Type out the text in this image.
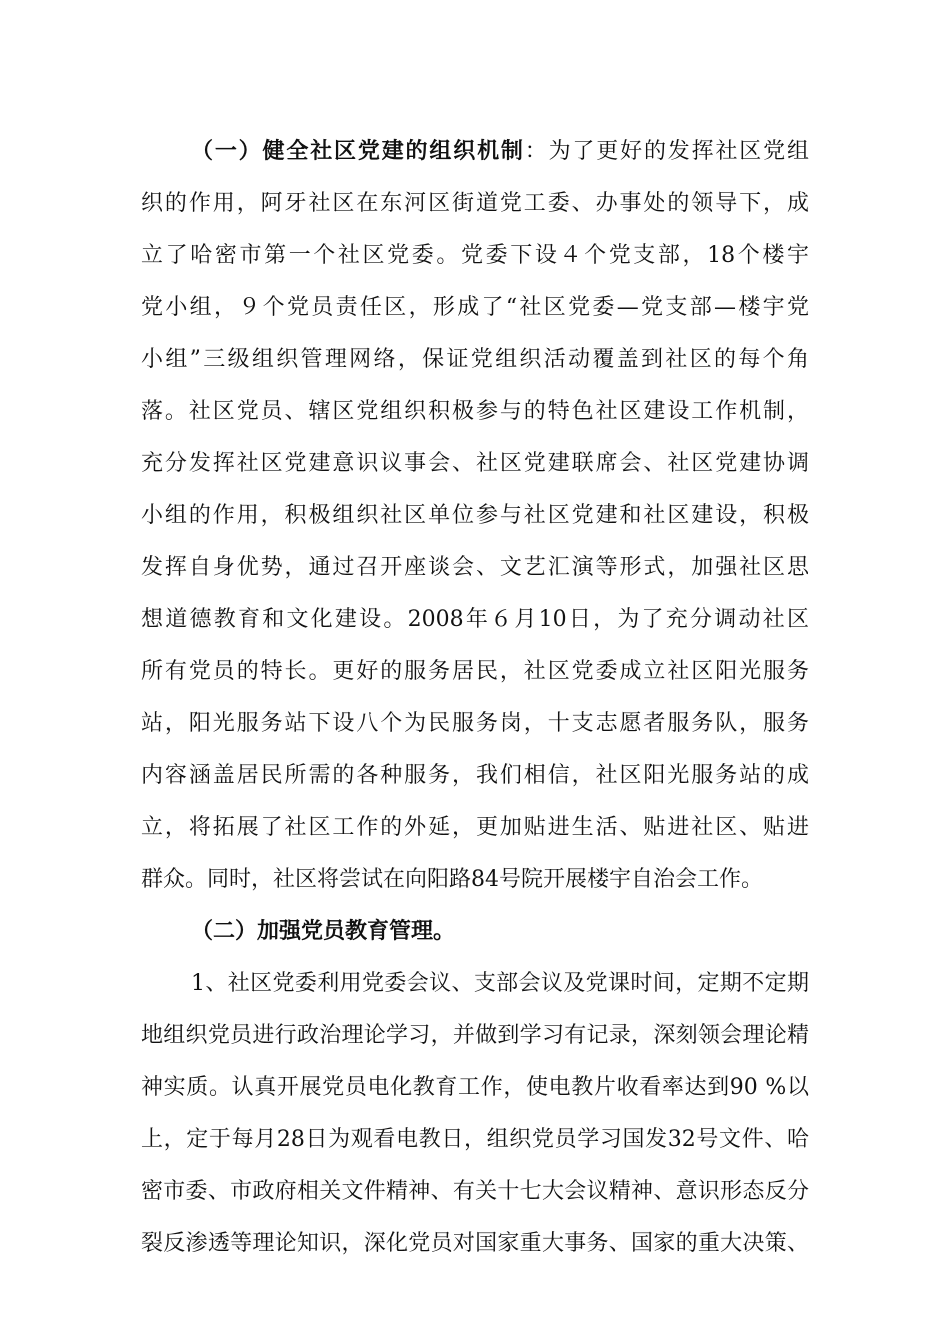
（一）健全社区党建的组织机制：为了更好的发挥社区党组
织的作用，阿牙社区在东河区街道党工委、办事处的领导下，成
立了哈密市第一个社区党委。党委下设４个党支部，18个楼宇
党小组，９个党员责任区，形成了“社区党委—党支部—楼宇党
小组”三级组织管理网络，保证党组织活动覆盖到社区的每个角
落。社区党员、辖区党组织积极参与的特色社区建设工作机制，
充分发挥社区党建意识议事会、社区党建联席会、社区党建协调
小组的作用，积极组织社区单位参与社区党建和社区建设，积极
发挥自身优势，通过召开座谈会、文艺汇演等形式，加强社区思
想道德教育和文化建设。2008年６月10日，为了充分调动社区
所有党员的特长。更好的服务居民，社区党委成立社区阳光服务
站，阳光服务站下设八个为民服务岗，十支志愿者服务队，服务
内容涵盖居民所需的各种服务，我们相信，社区阳光服务站的成
立，将拓展了社区工作的外延，更加贴进生活、贴进社区、贴进
群众。同时，社区将尝试在向阳路84号院开展楼宇自治会工作。
（二）加强党员教育管理。
1、社区党委利用党委会议、支部会议及党课时间，定期不定期
地组织党员进行政治理论学习，并做到学习有记录，深刻领会理论精
神实质。认真开展党员电化教育工作，使电教片收看率达到90 %以
上，定于每月28日为观看电教日，组织党员学习国发32号文件、哈
密市委、市政府相关文件精神、有关十七大会议精神、意识形态反分
裂反渗透等理论知识，深化党员对国家重大事务、国家的重大决策、
